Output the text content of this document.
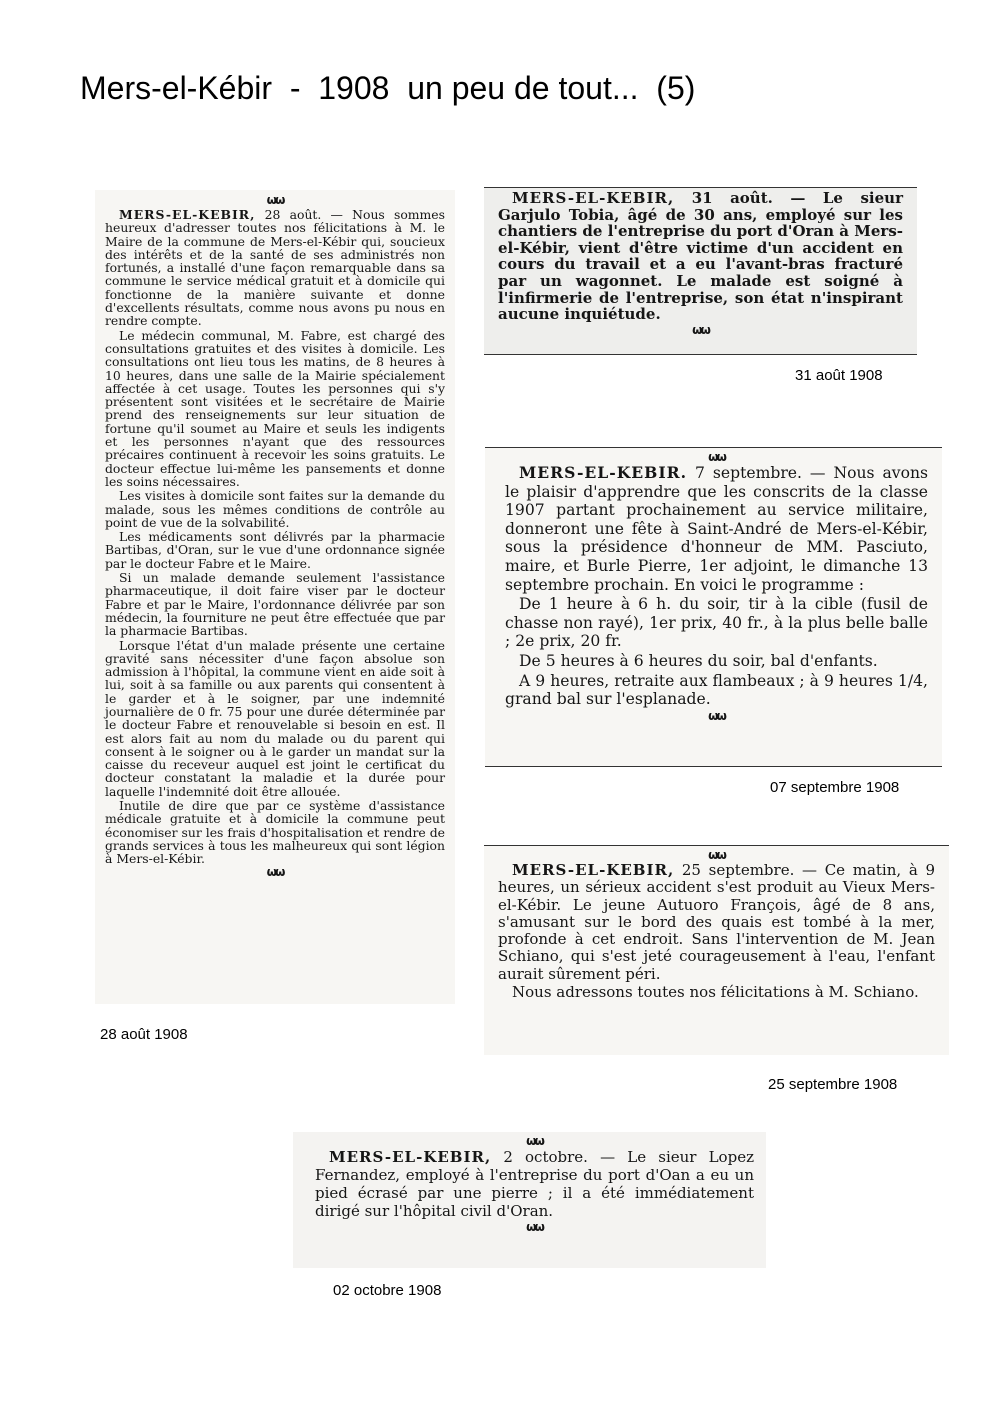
Mers-el-Kébir  -  1908  un peu de tout...  (5)
ѡѡ

MERS-EL-KEBIR, 28 août. — Nous sommes heureux d'adresser toutes nos félicitations à M. le Maire de la commune de Mers-el-Kébir qui, soucieux des intérêts et de la santé de ses administrés non fortunés, a installé d'une façon remarquable dans sa commune le service médical gratuit et à domicile qui fonctionne de la manière suivante et donne d'excellents résultats, comme nous avons pu nous en rendre compte.

Le médecin communal, M. Fabre, est chargé des consultations gratuites et des visites à domicile. Les consultations ont lieu tous les matins, de 8 heures à 10 heures, dans une salle de la Mairie spécialement affectée à cet usage. Toutes les personnes qui s'y présentent sont visitées et le secrétaire de Mairie prend des renseignements sur leur situation de fortune qu'il soumet au Maire et seuls les indigents et les personnes n'ayant que des ressources précaires continuent à recevoir les soins gratuits. Le docteur effectue lui-même les pansements et donne les soins nécessaires.

Les visites à domicile sont faites sur la demande du malade, sous les mêmes conditions de contrôle au point de vue de la solvabilité.

Les médicaments sont délivrés par la pharmacie Bartibas, d'Oran, sur le vue d'une ordonnance signée par le docteur Fabre et le Maire.

Si un malade demande seulement l'assistance pharmaceutique, il doit faire viser par le docteur Fabre et par le Maire, l'ordonnance délivrée par son médecin, la fourniture ne peut être effectuée que par la pharmacie Bartibas.

Lorsque l'état d'un malade présente une certaine gravité sans nécessiter d'une façon absolue son admission à l'hôpital, la commune vient en aide soit à lui, soit à sa famille ou aux parents qui consentent à le garder et à le soigner, par une indemnité journalière de 0 fr. 75 pour une durée déterminée par le docteur Fabre et renouvelable si besoin en est. Il est alors fait au nom du malade ou du parent qui consent à le soigner ou à le garder un mandat sur la caisse du receveur auquel est joint le certificat du docteur constatant la maladie et la durée pour laquelle l'indemnité doit être allouée.

Inutile de dire que par ce système d'assistance médicale gratuite et à domicile la commune peut économiser sur les frais d'hospitalisation et rendre de grands services à tous les malheureux qui sont légion à Mers-el-Kébir.

ѡѡ
28 août 1908

MERS-EL-KEBIR, 31 août. — Le sieur Garjulo Tobia, âgé de 30 ans, employé sur les chantiers de l'entreprise du port d'Oran à Mers-el-Kébir, vient d'être victime d'un accident en cours du travail et a eu l'avant-bras fracturé par un wagonnet. Le malade est soigné à l'infirmerie de l'entreprise, son état n'inspirant aucune inquiétude.

ѡѡ
31 août 1908
ѡѡ

MERS-EL-KEBIR. 7 septembre. — Nous avons le plaisir d'apprendre que les conscrits de la classe 1907 partant prochainement au service militaire, donneront une fête à Saint-André de Mers-el-Kébir, sous la présidence d'honneur de MM. Pasciuto, maire, et Burle Pierre, 1er adjoint, le dimanche 13 septembre prochain. En voici le programme :

De 1 heure à 6 h. du soir, tir à la cible (fusil de chasse non rayé), 1er prix, 40 fr., à la plus belle balle ; 2e prix, 20 fr.

De 5 heures à 6 heures du soir, bal d'enfants.

A 9 heures, retraite aux flambeaux ; à 9 heures 1/4, grand bal sur l'esplanade.

ѡѡ
07 septembre 1908
ѡѡ

MERS-EL-KEBIR, 25 septembre. — Ce matin, à 9 heures, un sérieux accident s'est produit au Vieux Mers-el-Kébir. Le jeune Autuoro François, âgé de 8 ans, s'amusant sur le bord des quais est tombé à la mer, profonde à cet endroit. Sans l'intervention de M. Jean Schiano, qui s'est jeté courageusement à l'eau, l'enfant aurait sûrement péri.

Nous adressons toutes nos félicitations à M. Schiano.

25 septembre 1908
ѡѡ

MERS-EL-KEBIR, 2 octobre. — Le sieur Lopez Fernandez, employé à l'entreprise du port d'Oan a eu un pied écrasé par une pierre ; il a été immédiatement dirigé sur l'hôpital civil d'Oran.

ѡѡ
02 octobre 1908
